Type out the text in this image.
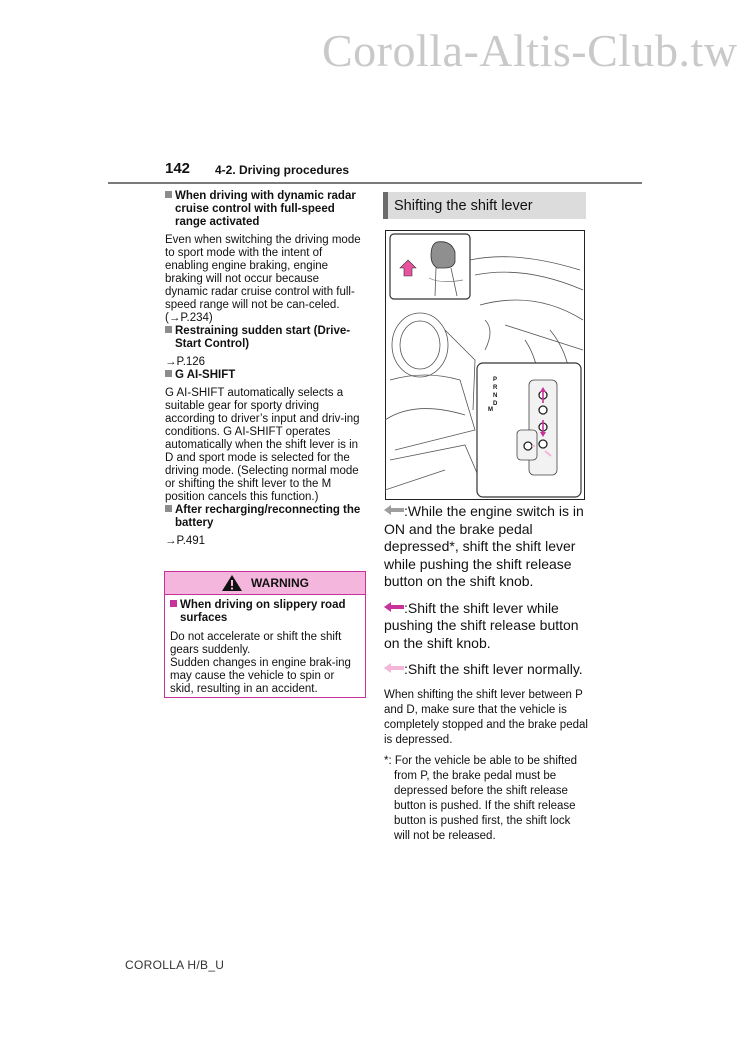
Corolla-Altis-Club.tw
142 4-2. Driving procedures

When driving with dynamic radar cruise control with full-speed range activated

Even when switching the driving mode to sport mode with the intent of enabling engine braking, engine braking will not occur because dynamic radar cruise control with full-speed range will not be can-celed. (→P.234)

Restraining sudden start (Drive-Start Control)

→P.126

G AI-SHIFT

G AI-SHIFT automatically selects a suitable gear for sporty driving according to driver’s input and driv-ing conditions. G AI-SHIFT operates automatically when the shift lever is in D and sport mode is selected for the driving mode. (Selecting normal mode or shifting the shift lever to the M position cancels this function.)

After recharging/reconnecting the battery

→P.491

WARNING

When driving on slippery road surfaces

Do not accelerate or shift the shift gears suddenly.

Sudden changes in engine brak-ing may cause the vehicle to spin or skid, resulting in an accident.

Shifting the shift lever
P
R
N
D
M

:While the engine switch is in ON and the brake pedal depressed*, shift the shift lever while pushing the shift release button on the shift knob.

:Shift the shift lever while pushing the shift release button on the shift knob.

:Shift the shift lever normally.

When shifting the shift lever between P and D, make sure that the vehicle is completely stopped and the brake pedal is depressed.

*: For the vehicle be able to be shifted from P, the brake pedal must be depressed before the shift release button is pushed. If the shift release button is pushed first, the shift lock will not be released.

COROLLA H/B_U
